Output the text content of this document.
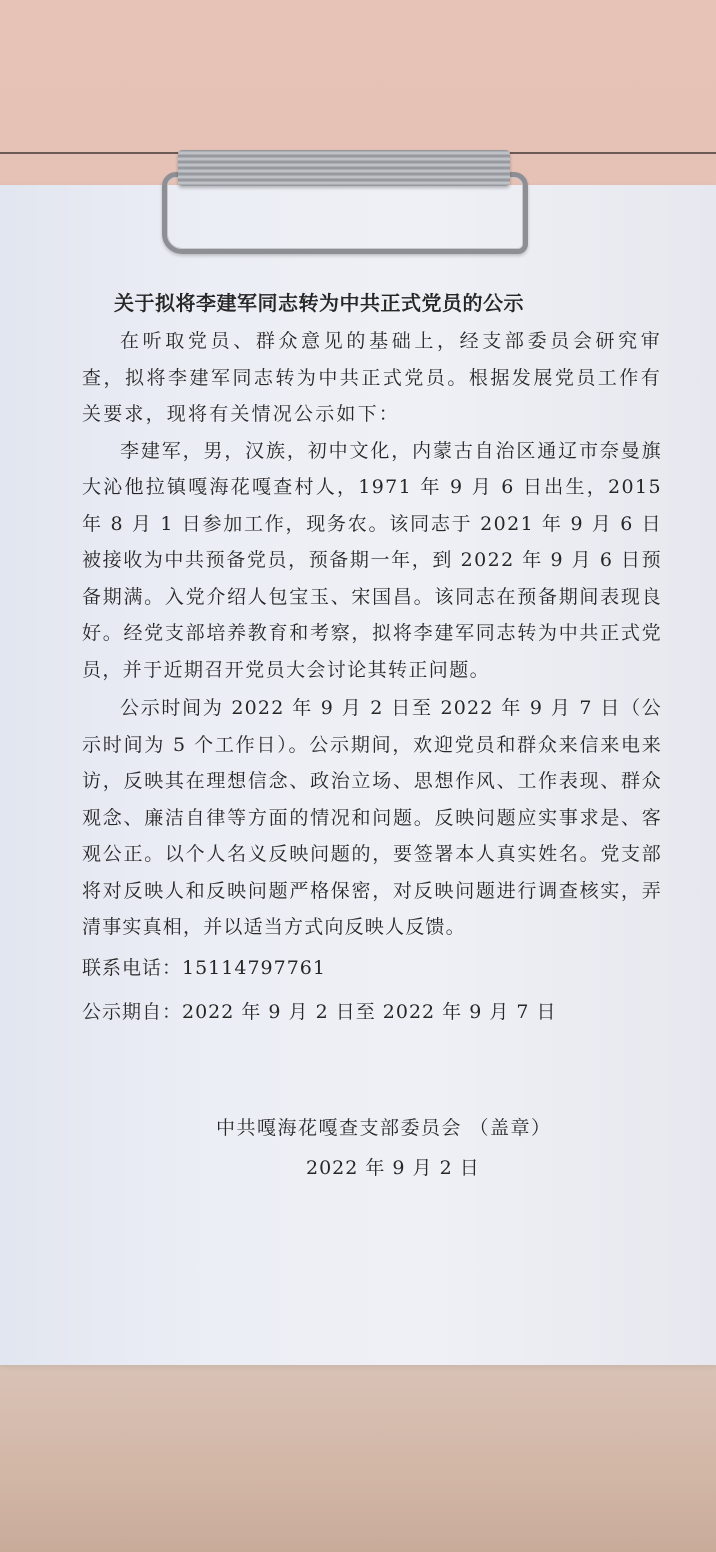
关于拟将李建军同志转为中共正式党员的公示

在听取党员、群众意见的基础上，经支部委员会研究审查，拟将李建军同志转为中共正式党员。根据发展党员工作有关要求，现将有关情况公示如下：

李建军，男，汉族，初中文化，内蒙古自治区通辽市奈曼旗大沁他拉镇嘎海花嘎查村人，1971 年 9 月 6 日出生，2015 年 8 月 1 日参加工作，现务农。该同志于 2021 年 9 月 6 日被接收为中共预备党员，预备期一年，到 2022 年 9 月 6 日预备期满。入党介绍人包宝玉、宋国昌。该同志在预备期间表现良好。经党支部培养教育和考察，拟将李建军同志转为中共正式党员，并于近期召开党员大会讨论其转正问题。

公示时间为 2022 年 9 月 2 日至 2022 年 9 月 7 日（公示时间为 5 个工作日）。公示期间，欢迎党员和群众来信来电来访，反映其在理想信念、政治立场、思想作风、工作表现、群众观念、廉洁自律等方面的情况和问题。反映问题应实事求是、客观公正。以个人名义反映问题的，要签署本人真实姓名。党支部将对反映人和反映问题严格保密，对反映问题进行调查核实，弄清事实真相，并以适当方式向反映人反馈。

联系电话：15114797761
公示期自：2022 年 9 月 2 日至 2022 年 9 月 7 日
中共嘎海花嘎查支部委员会 （盖章）
2022 年 9 月 2 日
